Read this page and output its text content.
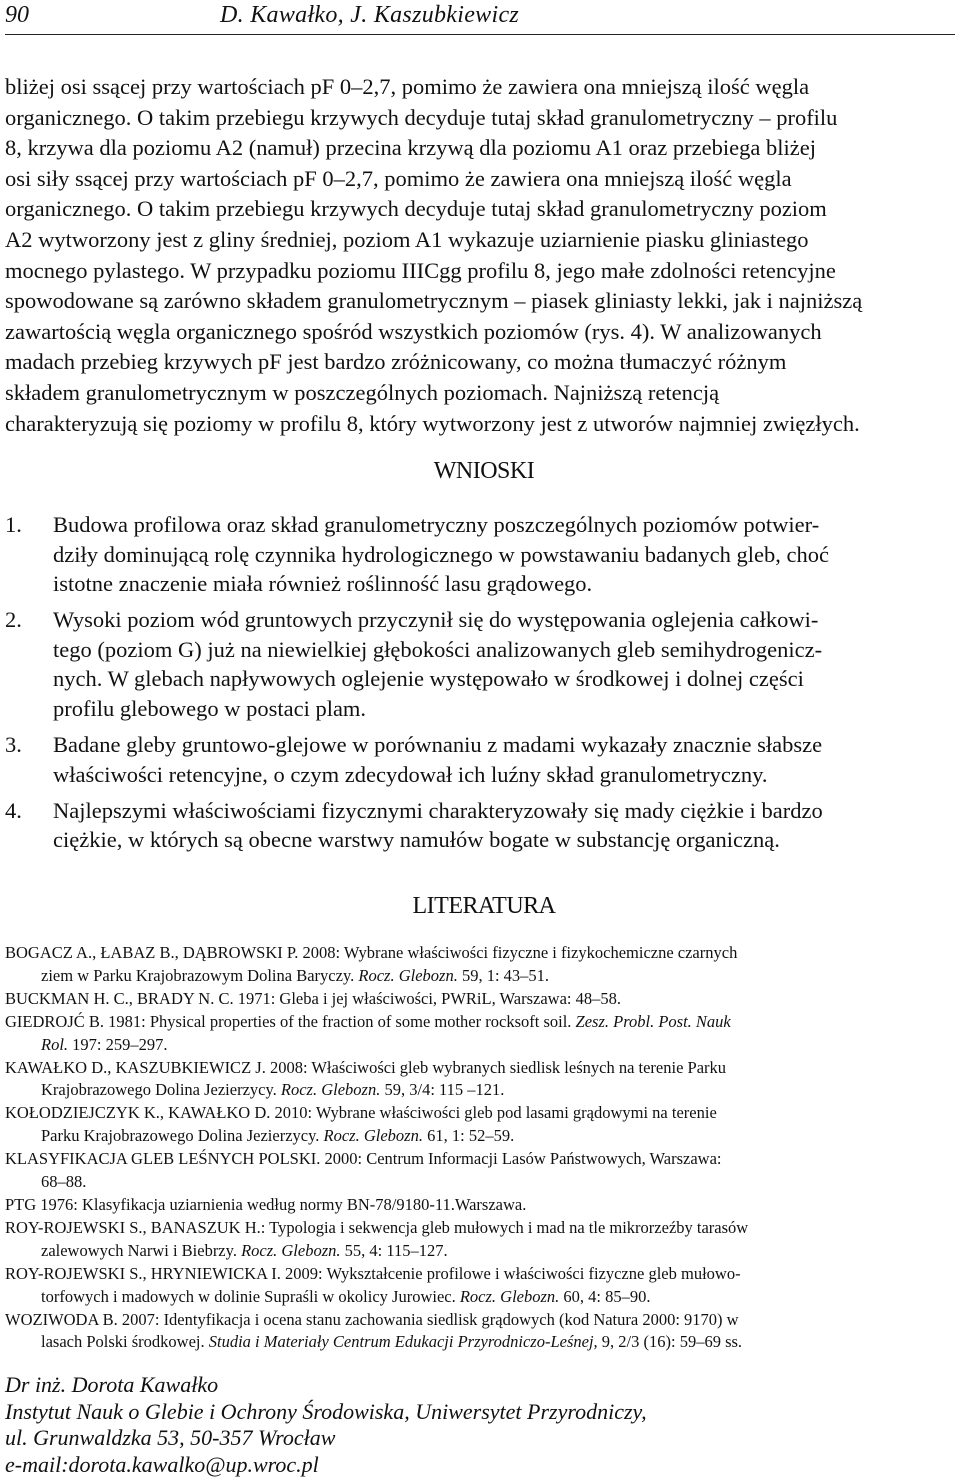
90	D. Kawałko, J. Kaszubkiewicz
bliżej osi ssącej przy wartościach pF 0–2,7, pomimo że zawiera ona mniejszą ilość węgla
organicznego. O takim przebiegu krzywych decyduje tutaj skład granulometryczny – profilu
8, krzywa dla poziomu A2 (namuł) przecina krzywą dla poziomu A1 oraz przebiega bliżej
osi siły ssącej przy wartościach pF 0–2,7, pomimo że zawiera ona mniejszą ilość węgla
organicznego. O takim przebiegu krzywych decyduje tutaj skład granulometryczny poziom
A2 wytworzony jest z gliny średniej, poziom A1 wykazuje uziarnienie piasku gliniastego
mocnego pylastego. W przypadku poziomu IIICgg profilu 8, jego małe zdolności retencyjne
spowodowane są zarówno składem granulometrycznym – piasek gliniasty lekki, jak i najniższą
zawartością węgla organicznego spośród wszystkich poziomów (rys. 4). W analizowanych
madach przebieg krzywych pF jest bardzo zróżnicowany, co można tłumaczyć różnym
składem granulometrycznym w poszczególnych poziomach. Najniższą retencją
charakteryzują się poziomy w profilu 8, który wytworzony jest z utworów najmniej zwięzłych.
WNIOSKI
1. Budowa profilowa oraz skład granulometryczny poszczególnych poziomów potwier-
dziły dominującą rolę czynnika hydrologicznego w powstawaniu badanych gleb, choć
istotne znaczenie miała również roślinność lasu grądowego.
2. Wysoki poziom wód gruntowych przyczynił się do występowania oglejenia całkowi-
tego (poziom G) już na niewielkiej głębokości analizowanych gleb semihydrogenicz-
nych. W glebach napływowych oglejenie występowało w środkowej i dolnej części
profilu glebowego w postaci plam.
3. Badane gleby gruntowo-glejowe w porównaniu z madami wykazały znacznie słabsze
właściwości retencyjne, o czym zdecydował ich luźny skład granulometryczny.
4. Najlepszymi właściwościami fizycznymi charakteryzowały się mady ciężkie i bardzo
ciężkie, w których są obecne warstwy namułów bogate w substancję organiczną.
LITERATURA
BOGACZ A., ŁABAZ B., DĄBROWSKI P. 2008: Wybrane właściwości fizyczne i fizykochemiczne czarnych
ziem w Parku Krajobrazowym Dolina Baryczy. Rocz. Glebozn. 59, 1: 43–51.
BUCKMAN H. C., BRADY N. C. 1971: Gleba i jej właściwości, PWRiL, Warszawa: 48–58.
GIEDROJĆ B. 1981: Physical properties of the fraction of some mother rocksoft soil. Zesz. Probl. Post. Nauk
Rol. 197: 259–297.
KAWAŁKO D., KASZUBKIEWICZ J. 2008: Właściwości gleb wybranych siedlisk leśnych na terenie Parku
Krajobrazowego Dolina Jezierzycy. Rocz. Glebozn. 59, 3/4: 115 –121.
KOŁODZIEJCZYK K., KAWAŁKO D. 2010: Wybrane właściwości gleb pod lasami grądowymi na terenie
Parku Krajobrazowego Dolina Jezierzycy. Rocz. Glebozn. 61, 1: 52–59.
KLASYFIKACJA GLEB LEŚNYCH POLSKI. 2000: Centrum Informacji Lasów Państwowych, Warszawa:
68–88.
PTG 1976: Klasyfikacja uziarnienia według normy BN-78/9180-11.Warszawa.
ROY-ROJEWSKI S., BANASZUK H.: Typologia i sekwencja gleb mułowych i mad na tle mikrorzeźby tarasów
zalewowych Narwi i Biebrzy. Rocz. Glebozn. 55, 4: 115–127.
ROY-ROJEWSKI S., HRYNIEWICKA I. 2009: Wykształcenie profilowe i właściwości fizyczne gleb mułowo-
torfowych i madowych w dolinie Supraśli w okolicy Jurowiec. Rocz. Glebozn. 60, 4: 85–90.
WOZIWODA B. 2007: Identyfikacja i ocena stanu zachowania siedlisk grądowych (kod Natura 2000: 9170) w
lasach Polski środkowej. Studia i Materiały Centrum Edukacji Przyrodniczo-Leśnej, 9, 2/3 (16): 59–69 ss.
Dr inż. Dorota Kawałko
Instytut Nauk o Glebie i Ochrony Środowiska, Uniwersytet Przyrodniczy,
ul. Grunwaldzka 53, 50-357 Wrocław
e-mail:dorota.kawalko@up.wroc.pl
